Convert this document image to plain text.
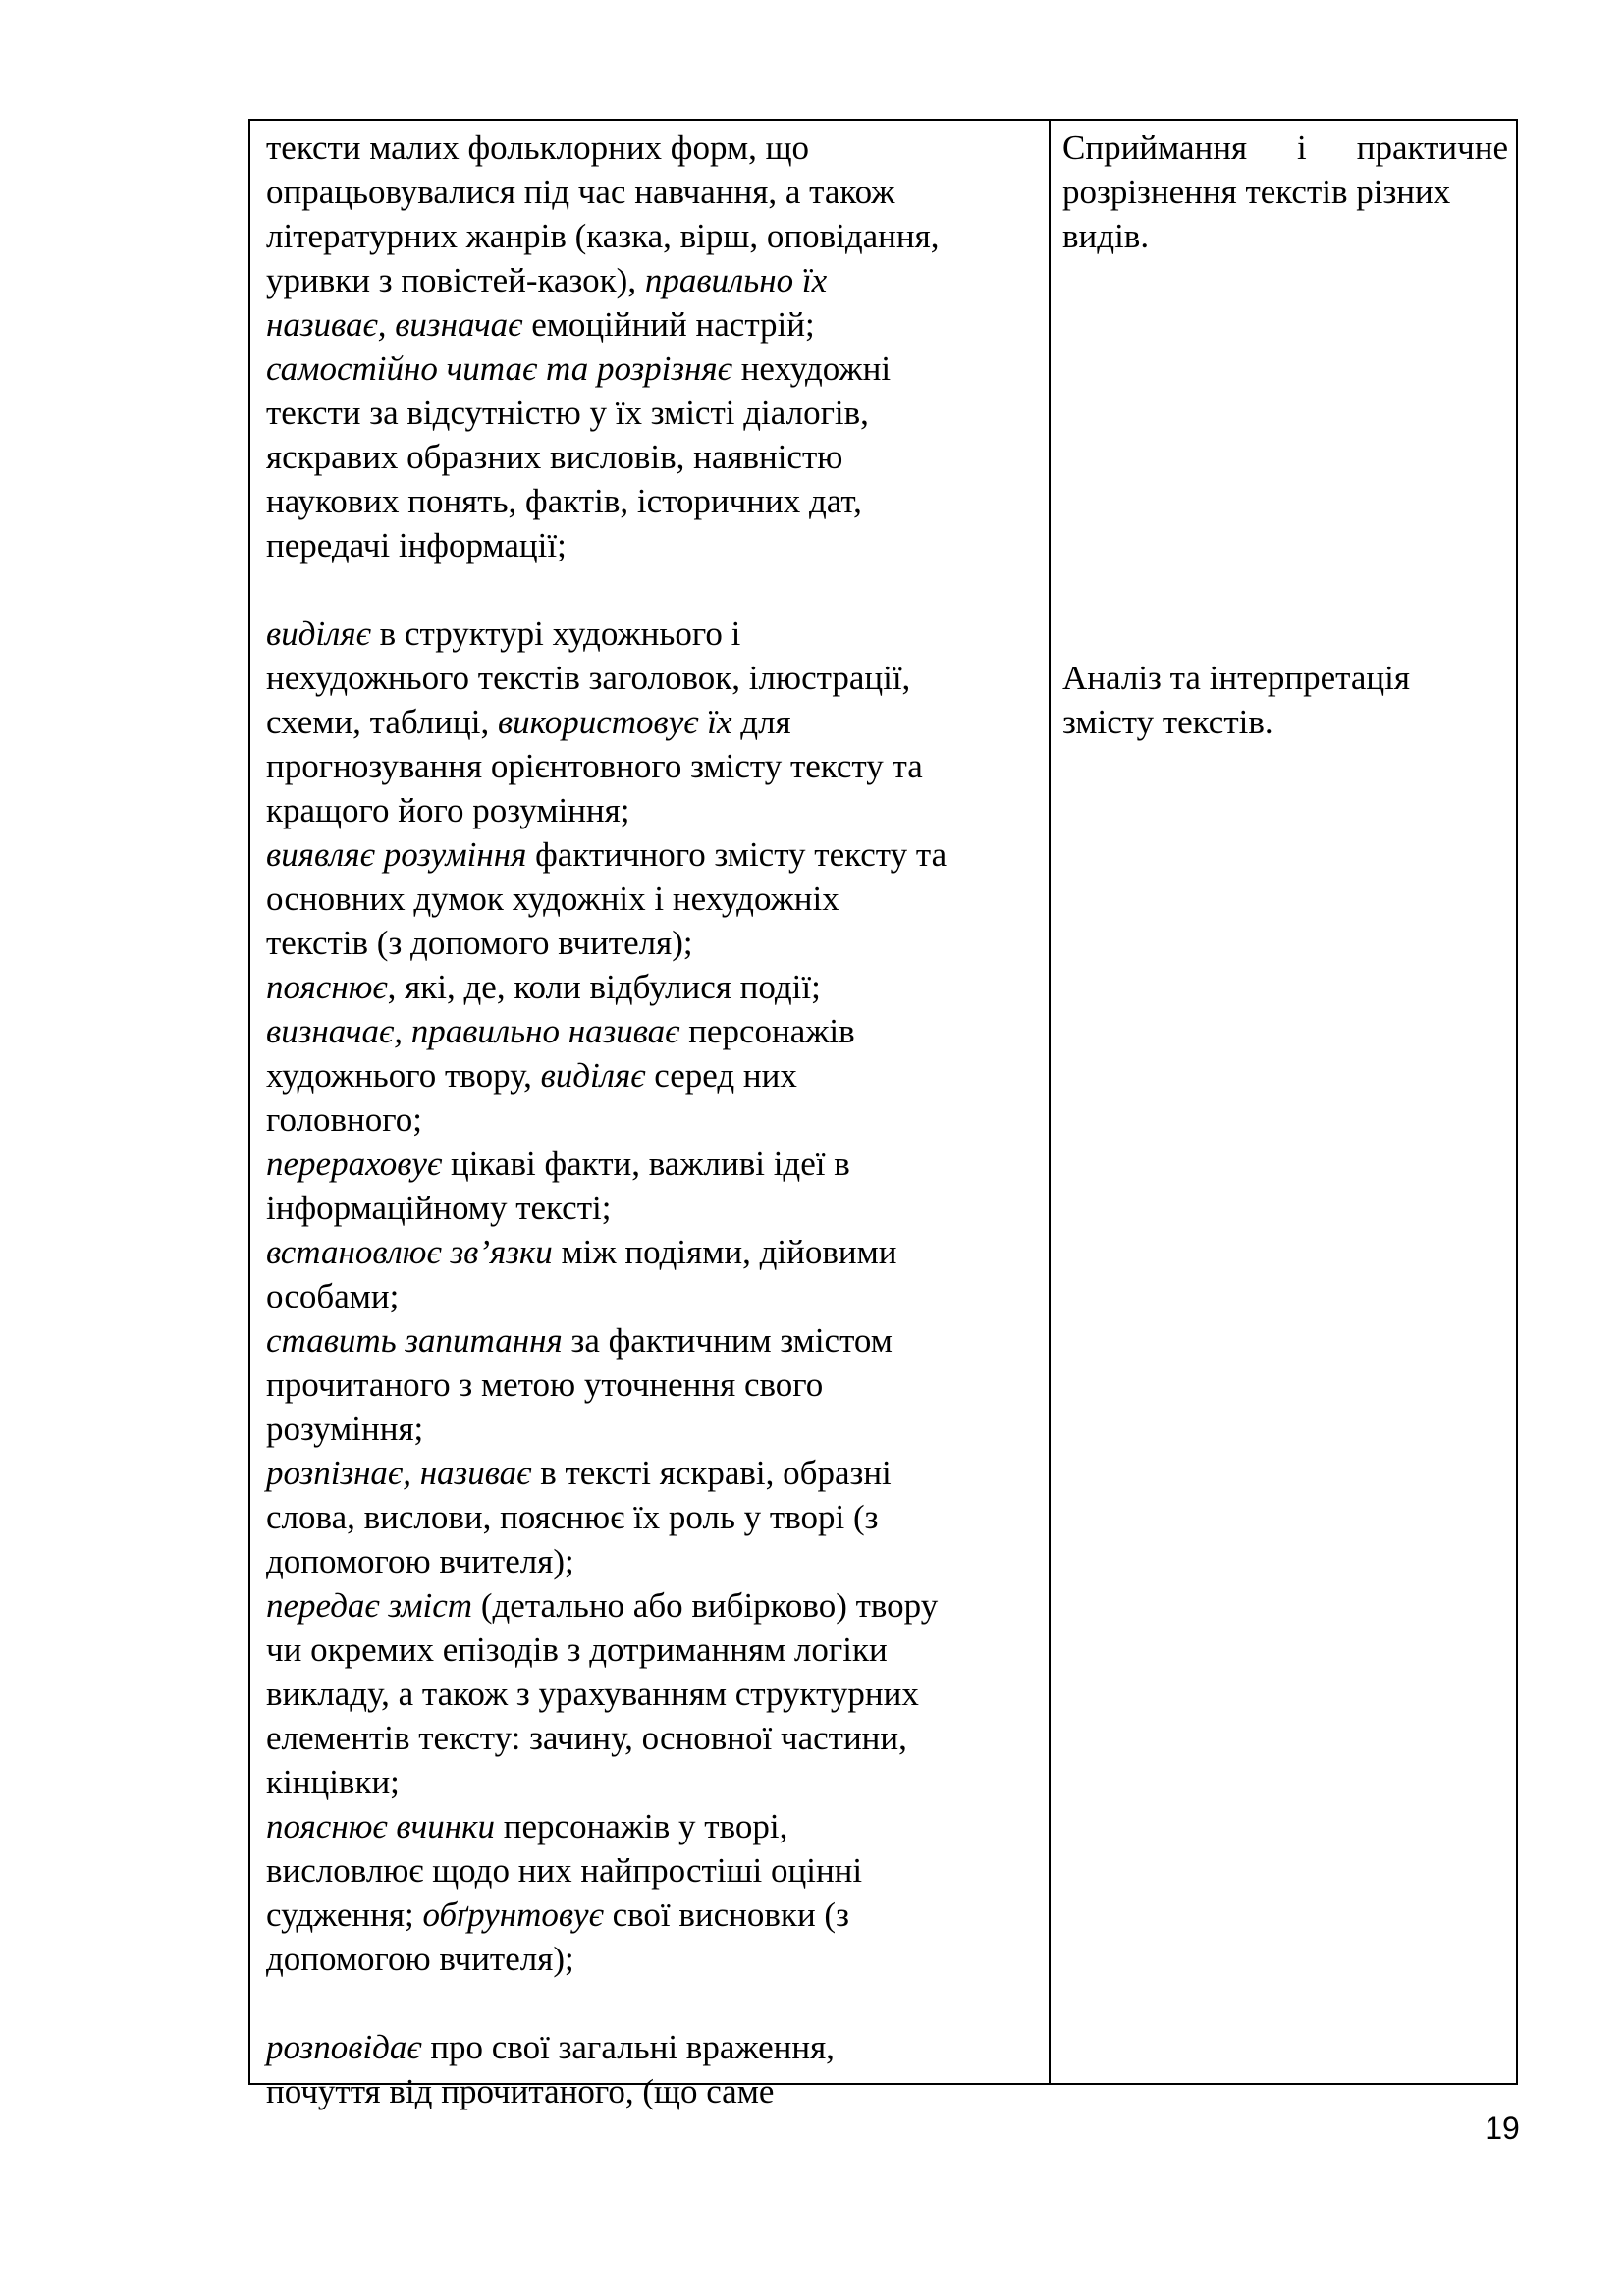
тексти малих фольклорних форм, що
опрацьовувалися під час навчання, а також
літературних жанрів (казка, вірш, оповідання,
уривки з повістей-казок), правильно їх
називає, визначає емоційний настрій;
самостійно читає та розрізняє нехудожні
тексти за відсутністю у їх змісті діалогів,
яскравих образних висловів, наявністю
наукових понять, фактів, історичних дат,
передачі інформації;
виділяє в структурі художнього і
нехудожнього текстів заголовок, ілюстрації,
схеми, таблиці, використовує їх для
прогнозування орієнтовного змісту тексту та
кращого його розуміння;
виявляє розуміння фактичного змісту тексту та
основних думок художніх і нехудожніх
текстів (з допомого вчителя);
пояснює, які, де, коли відбулися події;
визначає, правильно називає персонажів
художнього твору, виділяє серед них
головного;
перераховує цікаві факти, важливі ідеї в
інформаційному тексті;
встановлює зв’язки між подіями, дійовими
особами;
ставить запитання за фактичним змістом
прочитаного з метою уточнення свого
розуміння;
розпізнає, називає в тексті яскраві, образні
слова, вислови, пояснює їх роль у творі (з
допомогою вчителя);
передає зміст (детально або вибірково) твору
чи окремих епізодів з дотриманням логіки
викладу, а також з урахуванням структурних
елементів тексту: зачину, основної частини,
кінцівки;
пояснює вчинки персонажів у творі,
висловлює щодо них найпростіші оцінні
судження; обґрунтовує свої висновки (з
допомогою вчителя);
розповідає про свої загальні враження,
почуття від прочитаного, (що саме
Сприймання і практичне
розрізнення текстів різних
видів.
Аналіз та інтерпретація
змісту текстів.
19
